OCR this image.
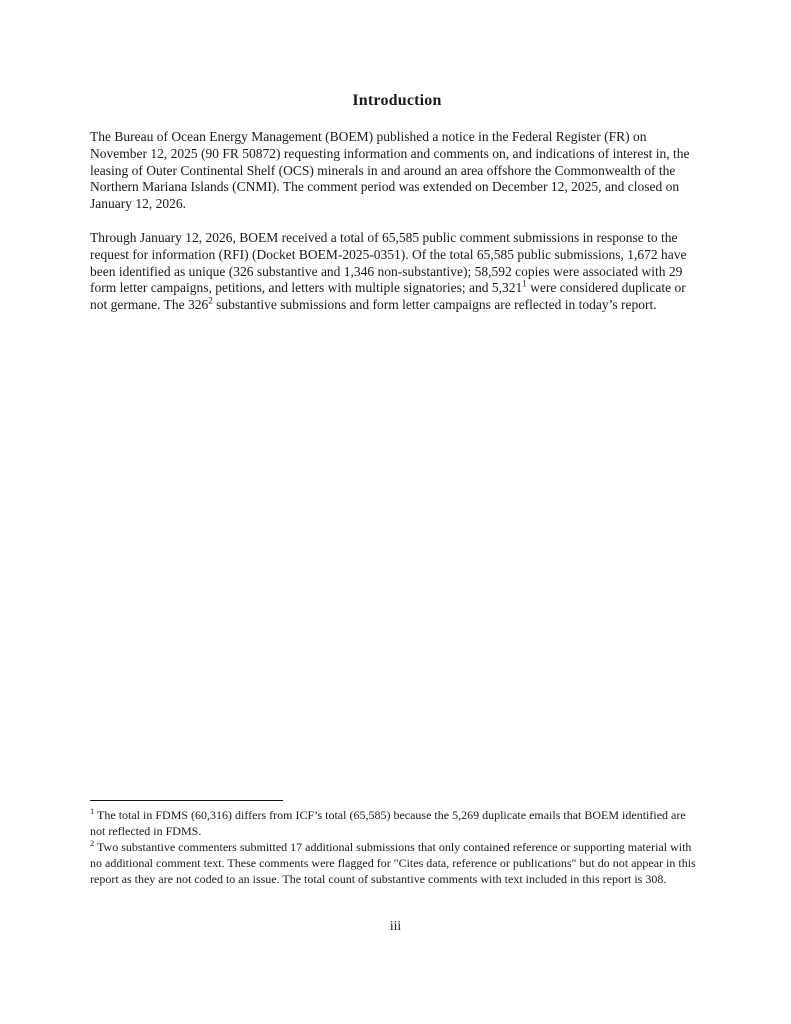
Introduction

The Bureau of Ocean Energy Management (BOEM) published a notice in the Federal Register (FR) on November 12, 2025 (90 FR 50872) requesting information and comments on, and indications of interest in, the leasing of Outer Continental Shelf (OCS) minerals in and around an area offshore the Commonwealth of the Northern Mariana Islands (CNMI). The comment period was extended on December 12, 2025, and closed on January 12, 2026.

Through January 12, 2026, BOEM received a total of 65,585 public comment submissions in response to the request for information (RFI) (Docket BOEM-2025-0351). Of the total 65,585 public submissions, 1,672 have been identified as unique (326 substantive and 1,346 non-substantive); 58,592 copies were associated with 29 form letter campaigns, petitions, and letters with multiple signatories; and 5,321$^1$ were considered duplicate or not germane. The 326$^2$ substantive submissions and form letter campaigns are reflected in today’s report.

$^1$ The total in FDMS (60,316) differs from ICF’s total (65,585) because the 5,269 duplicate emails that BOEM identified are not reflected in FDMS.

$^2$ Two substantive commenters submitted 17 additional submissions that only contained reference or supporting material with no additional comment text. These comments were flagged for "Cites data, reference or publications" but do not appear in this report as they are not coded to an issue. The total count of substantive comments with text included in this report is 308.

iii
